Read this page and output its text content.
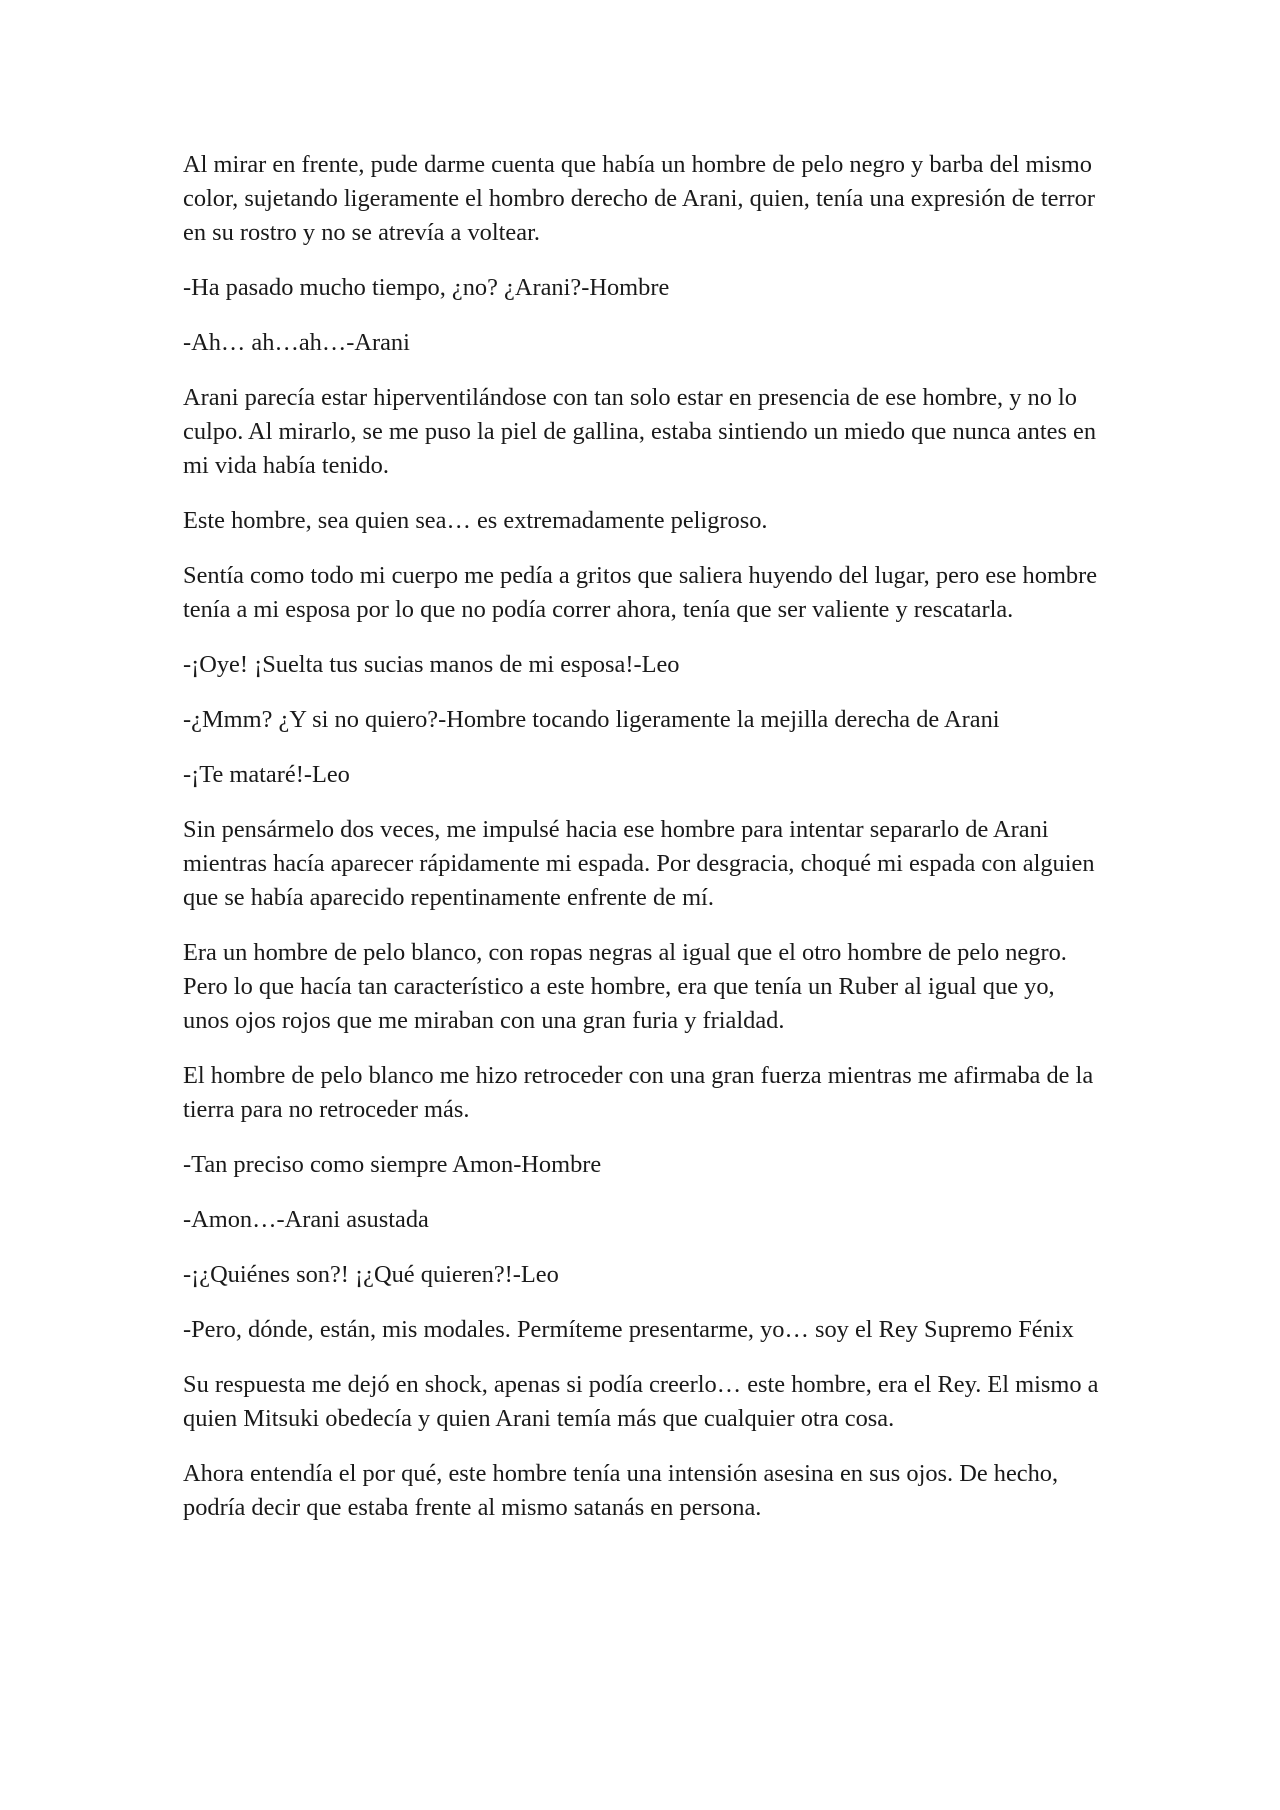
Al mirar en frente, pude darme cuenta que había un hombre de pelo negro y barba del mismo color, sujetando ligeramente el hombro derecho de Arani, quien, tenía una expresión de terror en su rostro y no se atrevía a voltear.

-Ha pasado mucho tiempo, ¿no? ¿Arani?-Hombre

-Ah… ah…ah…-Arani

Arani parecía estar hiperventilándose con tan solo estar en presencia de ese hombre, y no lo culpo. Al mirarlo, se me puso la piel de gallina, estaba sintiendo un miedo que nunca antes en mi vida había tenido.

Este hombre, sea quien sea… es extremadamente peligroso.

Sentía como todo mi cuerpo me pedía a gritos que saliera huyendo del lugar, pero ese hombre tenía a mi esposa por lo que no podía correr ahora, tenía que ser valiente y rescatarla.

-¡Oye! ¡Suelta tus sucias manos de mi esposa!-Leo

-¿Mmm? ¿Y si no quiero?-Hombre tocando ligeramente la mejilla derecha de Arani

-¡Te mataré!-Leo

Sin pensármelo dos veces, me impulsé hacia ese hombre para intentar separarlo de Arani mientras hacía aparecer rápidamente mi espada. Por desgracia, choqué mi espada con alguien que se había aparecido repentinamente enfrente de mí.

Era un hombre de pelo blanco, con ropas negras al igual que el otro hombre de pelo negro. Pero lo que hacía tan característico a este hombre, era que tenía un Ruber al igual que yo, unos ojos rojos que me miraban con una gran furia y frialdad.

El hombre de pelo blanco me hizo retroceder con una gran fuerza mientras me afirmaba de la tierra para no retroceder más.

-Tan preciso como siempre Amon-Hombre

-Amon…-Arani asustada

-¡¿Quiénes son?! ¡¿Qué quieren?!-Leo

-Pero, dónde, están, mis modales. Permíteme presentarme, yo… soy el Rey Supremo Fénix

Su respuesta me dejó en shock, apenas si podía creerlo… este hombre, era el Rey. El mismo a quien Mitsuki obedecía y quien Arani temía más que cualquier otra cosa.

Ahora entendía el por qué, este hombre tenía una intensión asesina en sus ojos. De hecho, podría decir que estaba frente al mismo satanás en persona.
